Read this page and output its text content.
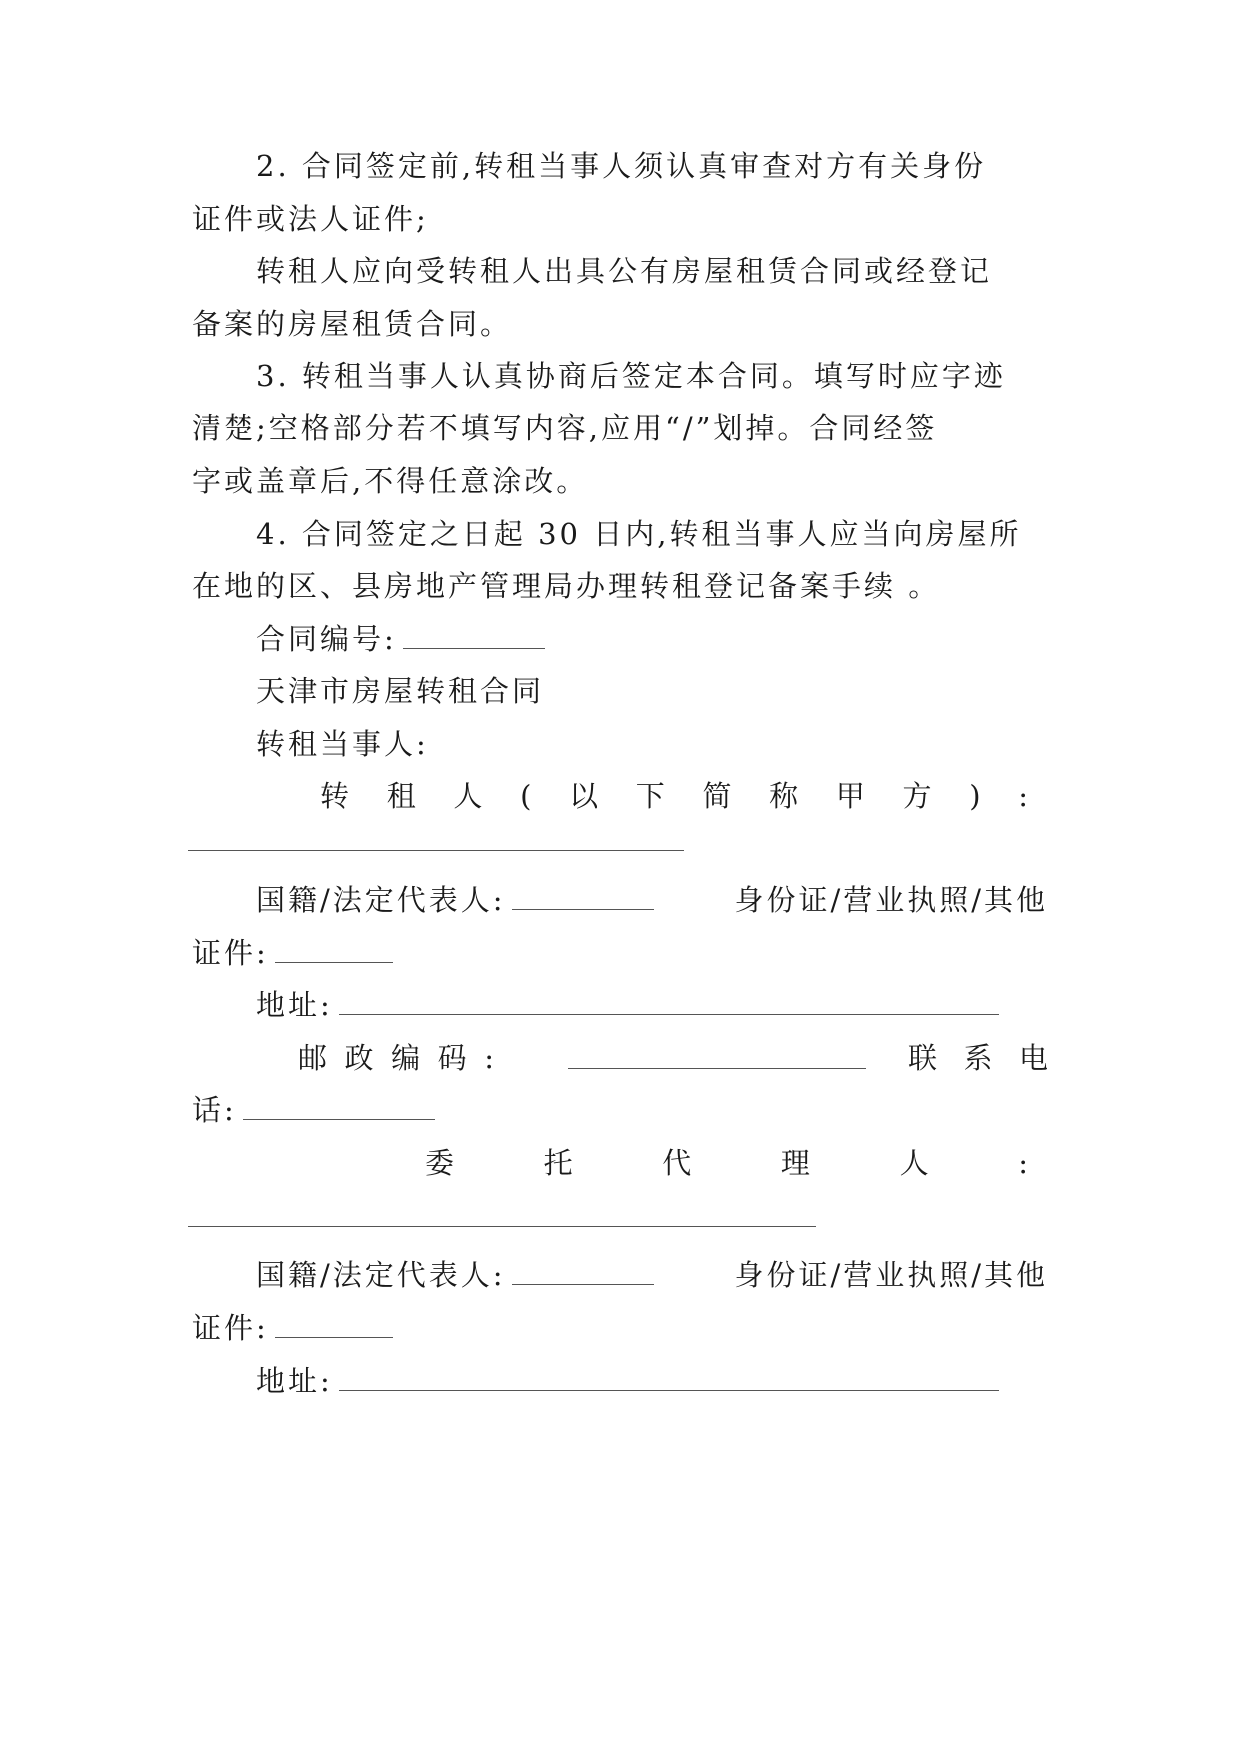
2. 合同签定前,转租当事人须认真审查对方有关身份
证件或法人证件;
转租人应向受转租人出具公有房屋租赁合同或经登记
备案的房屋租赁合同。
3. 转租当事人认真协商后签定本合同。填写时应字迹
清楚;空格部分若不填写内容,应用“/”划掉。合同经签
字或盖章后,不得任意涂改。
4. 合同签定之日起 30 日内,转租当事人应当向房屋所
在地的区、县房地产管理局办理转租登记备案手续 。
合同编号:
天津市房屋转租合同
转租当事人:
转 租 人 ( 以 下 简 称 甲 方 ) :
国籍/法定代表人:	身份证/营业执照/其他
证件:
地址:
邮 政 编 码 :	联 系 电
话:
委	托	代	理	人	:
国籍/法定代表人:	身份证/营业执照/其他
证件:
地址:
